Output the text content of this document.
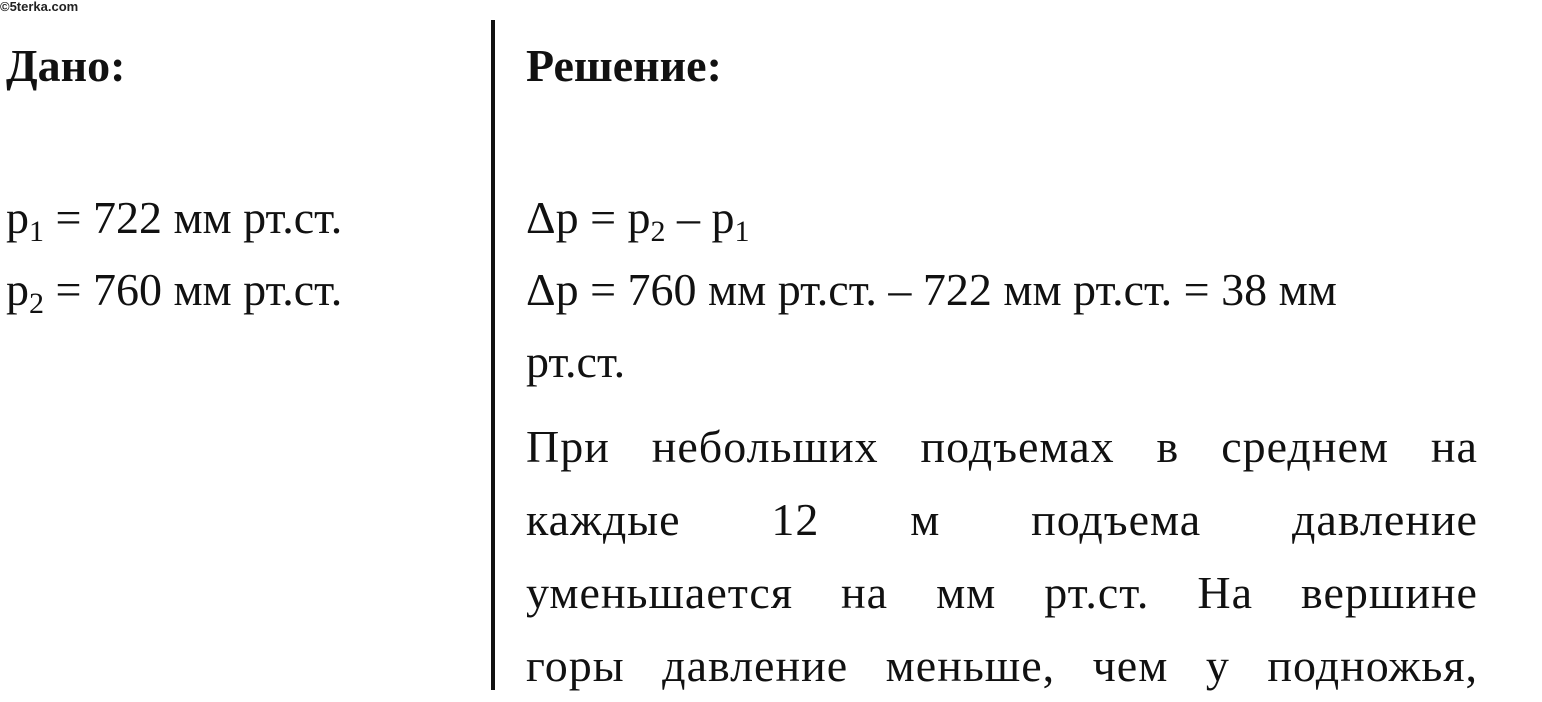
©5terka.com
Дано:	Решение:
$p_1 = 722$ мм рт.ст.
$p_2 = 760$ мм рт.ст.
$\Delta p = p_2 - p_1$
Δp = 760 мм рт.ст. – 722 мм рт.ст. = 38 мм
рт.ст.
При небольших подъемах в среднем на
каждые 12 м подъема давление
уменьшается на мм рт.ст. На вершине
горы давление меньше, чем у подножья,
